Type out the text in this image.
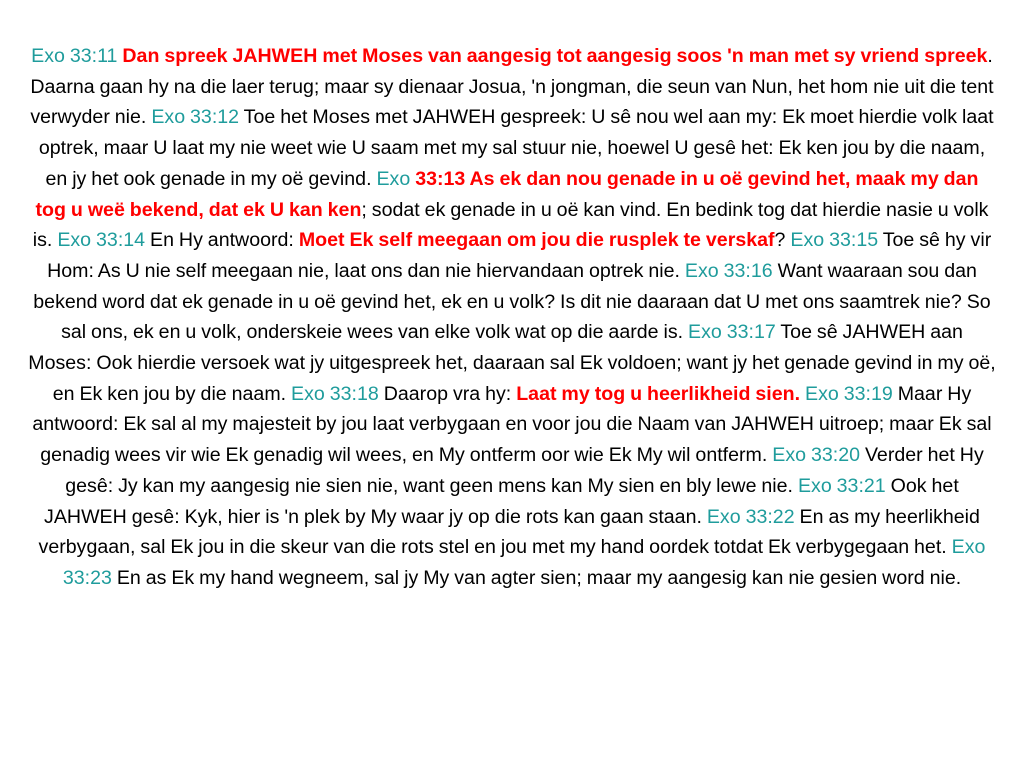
Exo 33:11 Dan spreek JAHWEH met Moses van aangesig tot aangesig soos 'n man met sy vriend spreek. Daarna gaan hy na die laer terug; maar sy dienaar Josua, 'n jongman, die seun van Nun, het hom nie uit die tent verwyder nie. Exo 33:12 Toe het Moses met JAHWEH gespreek: U sê nou wel aan my: Ek moet hierdie volk laat optrek, maar U laat my nie weet wie U saam met my sal stuur nie, hoewel U gesê het: Ek ken jou by die naam, en jy het ook genade in my oë gevind. Exo 33:13 As ek dan nou genade in u oë gevind het, maak my dan tog u weë bekend, dat ek U kan ken; sodat ek genade in u oë kan vind. En bedink tog dat hierdie nasie u volk is. Exo 33:14 En Hy antwoord: Moet Ek self meegaan om jou die rusplek te verskaf? Exo 33:15 Toe sê hy vir Hom: As U nie self meegaan nie, laat ons dan nie hiervandaan optrek nie. Exo 33:16 Want waaraan sou dan bekend word dat ek genade in u oë gevind het, ek en u volk? Is dit nie daaraan dat U met ons saamtrek nie? So sal ons, ek en u volk, onderskeie wees van elke volk wat op die aarde is. Exo 33:17 Toe sê JAHWEH aan Moses: Ook hierdie versoek wat jy uitgespreek het, daaraan sal Ek voldoen; want jy het genade gevind in my oë, en Ek ken jou by die naam. Exo 33:18 Daarop vra hy: Laat my tog u heerlikheid sien. Exo 33:19 Maar Hy antwoord: Ek sal al my majesteit by jou laat verbygaan en voor jou die Naam van JAHWEH uitroep; maar Ek sal genadig wees vir wie Ek genadig wil wees, en My ontferm oor wie Ek My wil ontferm. Exo 33:20 Verder het Hy gesê: Jy kan my aangesig nie sien nie, want geen mens kan My sien en bly lewe nie. Exo 33:21 Ook het JAHWEH gesê: Kyk, hier is 'n plek by My waar jy op die rots kan gaan staan. Exo 33:22 En as my heerlikheid verbygaan, sal Ek jou in die skeur van die rots stel en jou met my hand oordek totdat Ek verbygegaan het. Exo 33:23 En as Ek my hand wegneem, sal jy My van agter sien; maar my aangesig kan nie gesien word nie.
